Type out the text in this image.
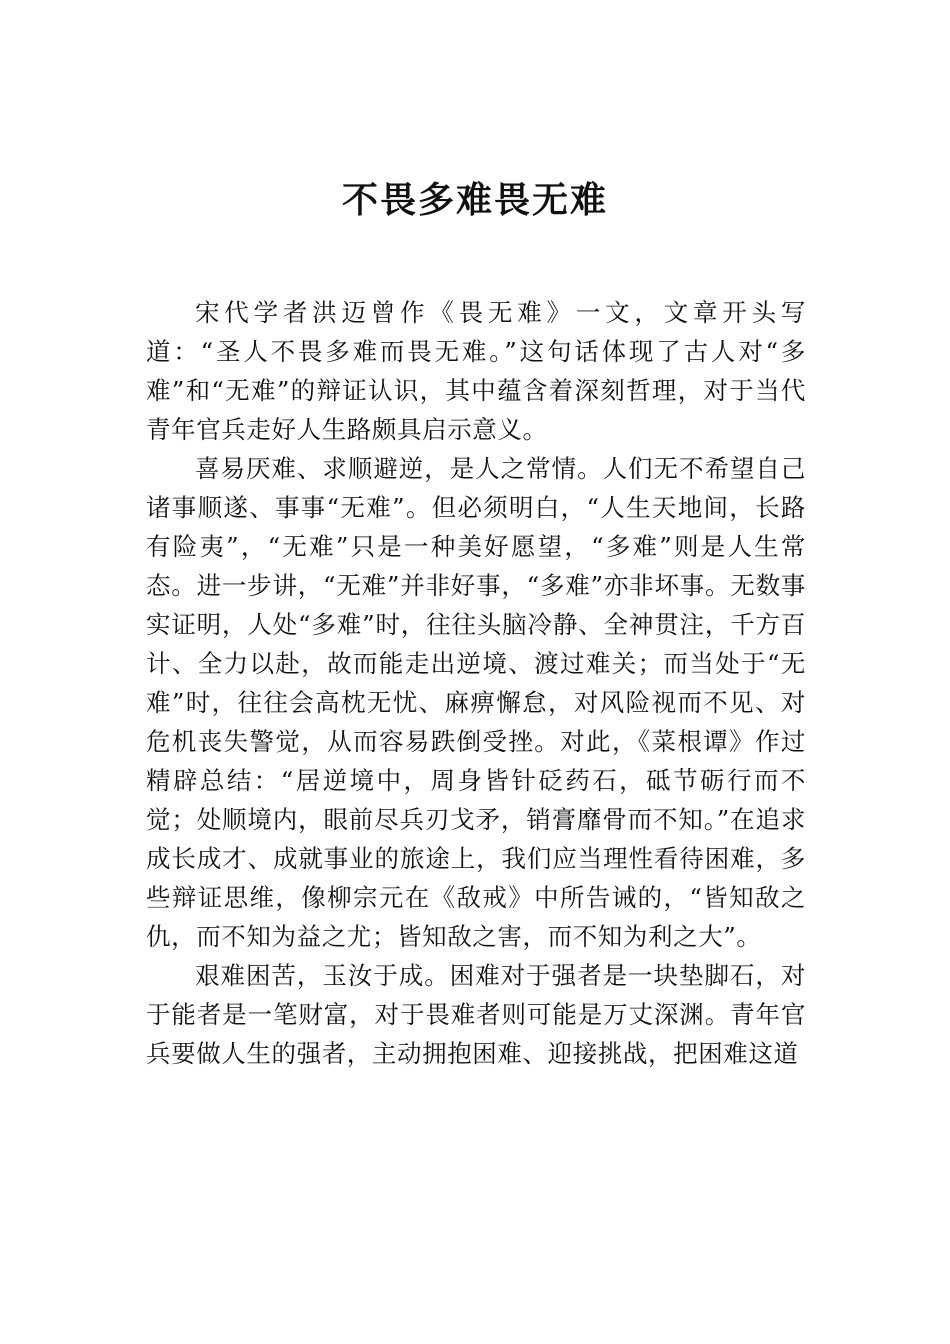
不畏多难畏无难

宋代学者洪迈曾作《畏无难》一文，文章开头写道：“圣人不畏多难而畏无难。”这句话体现了古人对“多难”和“无难”的辩证认识，其中蕴含着深刻哲理，对于当代青年官兵走好人生路颇具启示意义。

喜易厌难、求顺避逆，是人之常情。人们无不希望自己诸事顺遂、事事“无难”。但必须明白，“人生天地间，长路有险夷”，“无难”只是一种美好愿望，“多难”则是人生常态。进一步讲，“无难”并非好事，“多难”亦非坏事。无数事实证明，人处“多难”时，往往头脑冷静、全神贯注，千方百计、全力以赴，故而能走出逆境、渡过难关；而当处于“无难”时，往往会高枕无忧、麻痹懈怠，对风险视而不见、对危机丧失警觉，从而容易跌倒受挫。对此，《菜根谭》作过精辟总结：“居逆境中，周身皆针砭药石，砥节砺行而不觉；处顺境内，眼前尽兵刃戈矛，销膏靡骨而不知。”在追求成长成才、成就事业的旅途上，我们应当理性看待困难，多些辩证思维，像柳宗元在《敌戒》中所告诫的，“皆知敌之仇，而不知为益之尤；皆知敌之害，而不知为利之大”。

艰难困苦，玉汝于成。困难对于强者是一块垫脚石，对于能者是一笔财富，对于畏难者则可能是万丈深渊。青年官兵要做人生的强者，主动拥抱困难、迎接挑战，把困难这道
